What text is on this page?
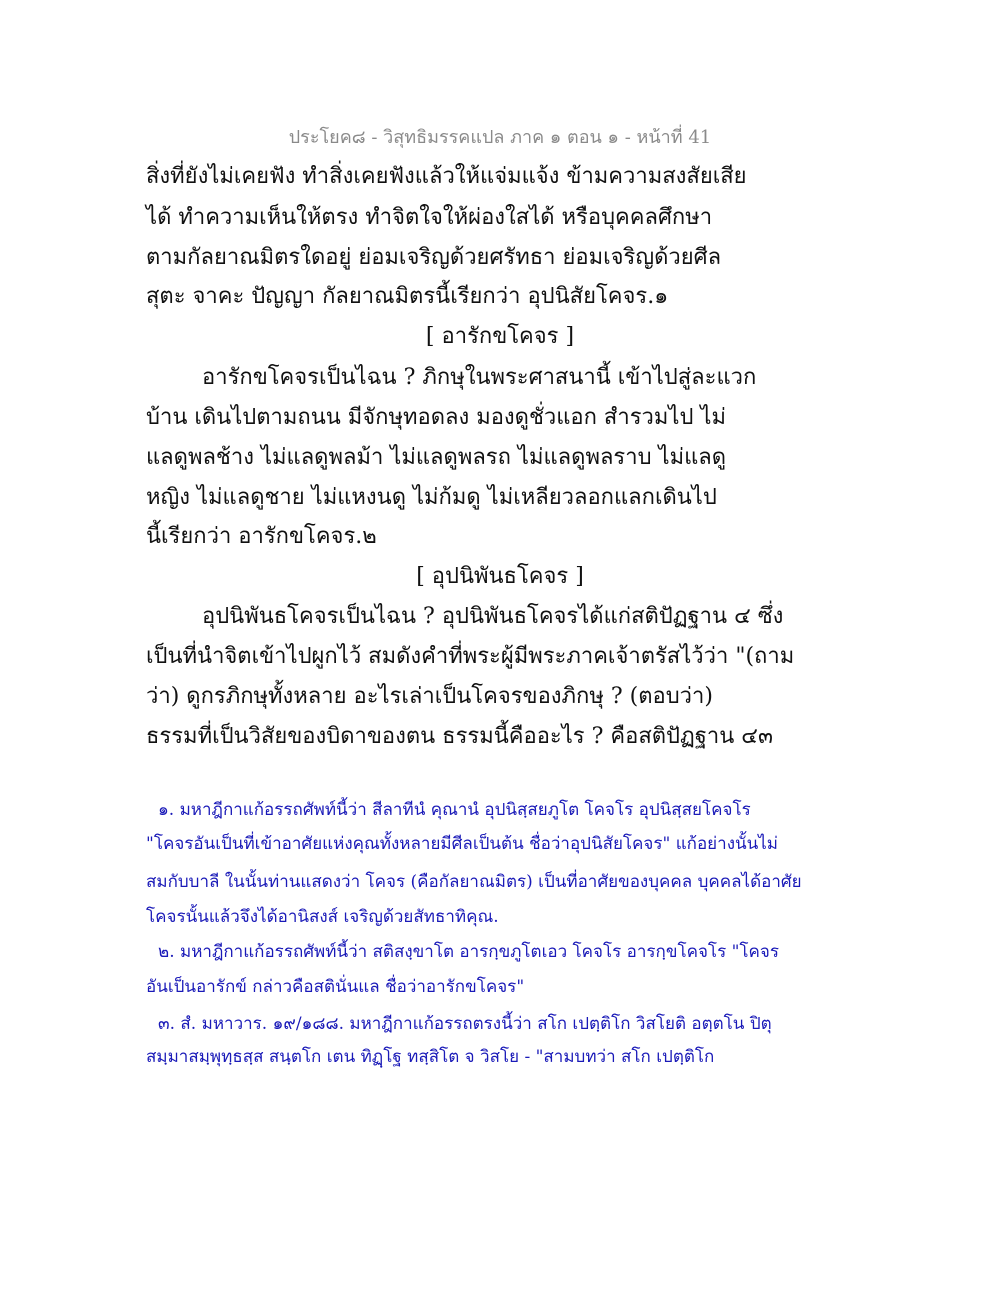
ประโยค๘ - วิสุทธิมรรคแปล ภาค ๑ ตอน ๑ - หน้าที่ 41
สิ่งที่ยังไม่เคยฟัง ทำสิ่งเคยฟังแล้วให้แจ่มแจ้ง ข้ามความสงสัยเสีย
ได้ ทำความเห็นให้ตรง ทำจิตใจให้ผ่องใสได้ หรือบุคคลศึกษา
ตามกัลยาณมิตรใดอยู่ ย่อมเจริญด้วยศรัทธา ย่อมเจริญด้วยศีล
สุตะ จาคะ ปัญญา กัลยาณมิตรนี้เรียกว่า อุปนิสัยโคจร.๑
[ อารักขโคจร ]
อารักขโคจรเป็นไฉน ? ภิกษุในพระศาสนานี้ เข้าไปสู่ละแวก
บ้าน เดินไปตามถนน มีจักษุทอดลง มองดูชั่วแอก สำรวมไป ไม่
แลดูพลช้าง ไม่แลดูพลม้า ไม่แลดูพลรถ ไม่แลดูพลราบ ไม่แลดู
หญิง ไม่แลดูชาย ไม่แหงนดู ไม่ก้มดู ไม่เหลียวลอกแลกเดินไป
นี้เรียกว่า อารักขโคจร.๒
[ อุปนิพันธโคจร ]
อุปนิพันธโคจรเป็นไฉน ? อุปนิพันธโคจรได้แก่สติปัฏฐาน ๔ ซึ่ง
เป็นที่นำจิตเข้าไปผูกไว้ สมดังคำที่พระผู้มีพระภาคเจ้าตรัสไว้ว่า "(ถาม
ว่า) ดูกรภิกษุทั้งหลาย อะไรเล่าเป็นโคจรของภิกษุ ? (ตอบว่า)
ธรรมที่เป็นวิสัยของบิดาของตน ธรรมนี้คืออะไร ? คือสติปัฏฐาน ๔๓
๑. มหาฎีกาแก้อรรถศัพท์นี้ว่า สีลาทีนํ คุณานํ อุปนิสฺสยภูโต โคจโร อุปนิสฺสยโคจโร
"โคจรอันเป็นที่เข้าอาศัยแห่งคุณทั้งหลายมีศีลเป็นต้น ชื่อว่าอุปนิสัยโคจร" แก้อย่างนั้นไม่
สมกับบาลี ในนั้นท่านแสดงว่า โคจร (คือกัลยาณมิตร) เป็นที่อาศัยของบุคคล บุคคลได้อาศัย
โคจรนั้นแล้วจึงได้อานิสงส์ เจริญด้วยสัทธาทิคุณ.
๒. มหาฎีกาแก้อรรถศัพท์นี้ว่า สติสงฺขาโต อารกฺขภูโตเอว โคจโร อารกฺขโคจโร "โคจร
อันเป็นอารักข์ กล่าวคือสตินั่นแล ชื่อว่าอารักขโคจร"
๓. สํ. มหาวาร. ๑๙/๑๘๘. มหาฎีกาแก้อรรถตรงนี้ว่า สโก เปตฺติโก วิสโยติ อตฺตโน ปิตุ
สมฺมาสมฺพุทฺธสฺส สนฺตโก เตน ทิฏฺโฐ ทสฺสิโต จ วิสโย - "สามบทว่า สโก เปตฺติโก
